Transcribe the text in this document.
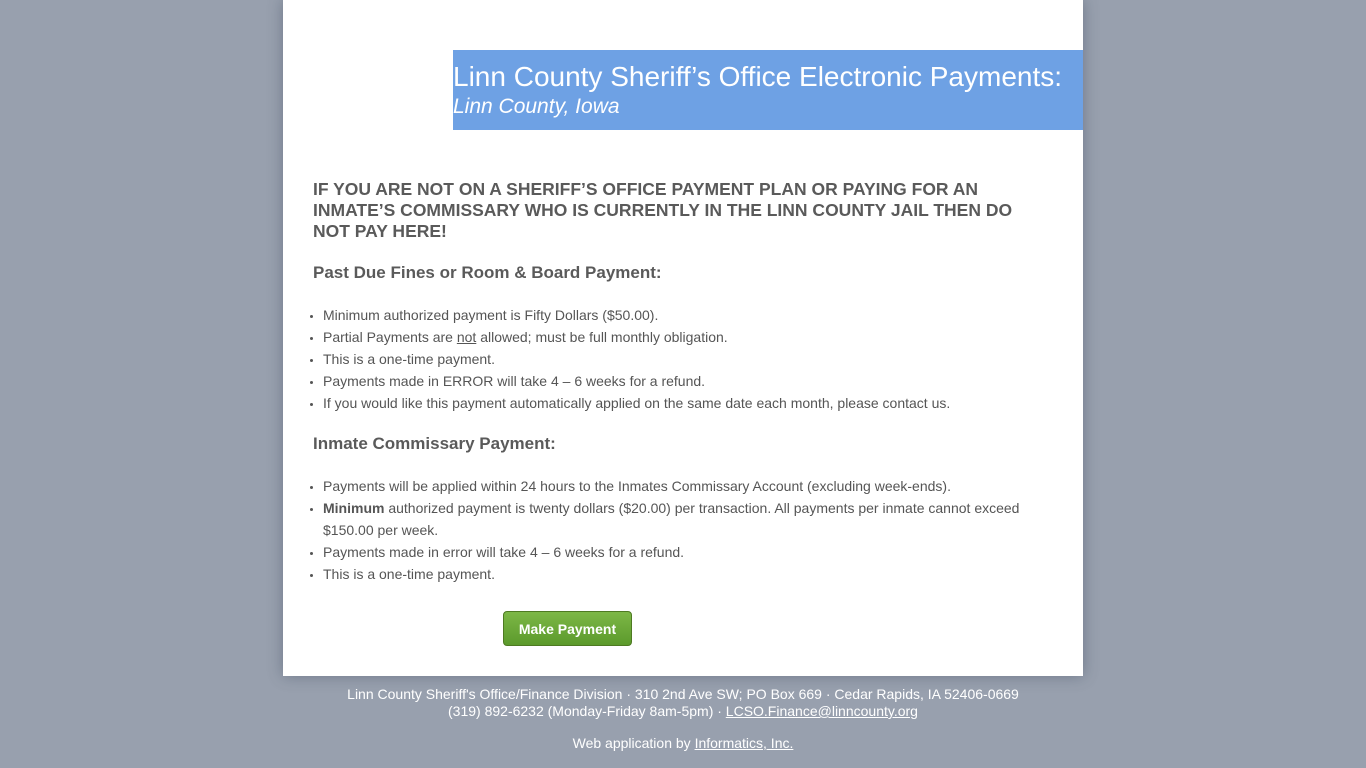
Linn County Sheriff’s Office Electronic Payments:
Linn County, Iowa
IF YOU ARE NOT ON A SHERIFF’S OFFICE PAYMENT PLAN OR PAYING FOR AN INMATE’S COMMISSARY WHO IS CURRENTLY IN THE LINN COUNTY JAIL THEN DO NOT PAY HERE!
Past Due Fines or Room & Board Payment:
• Minimum authorized payment is Fifty Dollars ($50.00).
• Partial Payments are not allowed; must be full monthly obligation.
• This is a one-time payment.
• Payments made in ERROR will take 4 – 6 weeks for a refund.
• If you would like this payment automatically applied on the same date each month, please contact us.
Inmate Commissary Payment:
• Payments will be applied within 24 hours to the Inmates Commissary Account (excluding week-ends).
• Minimum authorized payment is twenty dollars ($20.00) per transaction. All payments per inmate cannot exceed $150.00 per week.
• Payments made in error will take 4 – 6 weeks for a refund.
• This is a one-time payment.
Make Payment
Linn County Sheriff's Office/Finance Division · 310 2nd Ave SW; PO Box 669 · Cedar Rapids, IA 52406-0669
(319) 892-6232 (Monday-Friday 8am-5pm) · LCSO.Finance@linncounty.org
Web application by Informatics, Inc.
